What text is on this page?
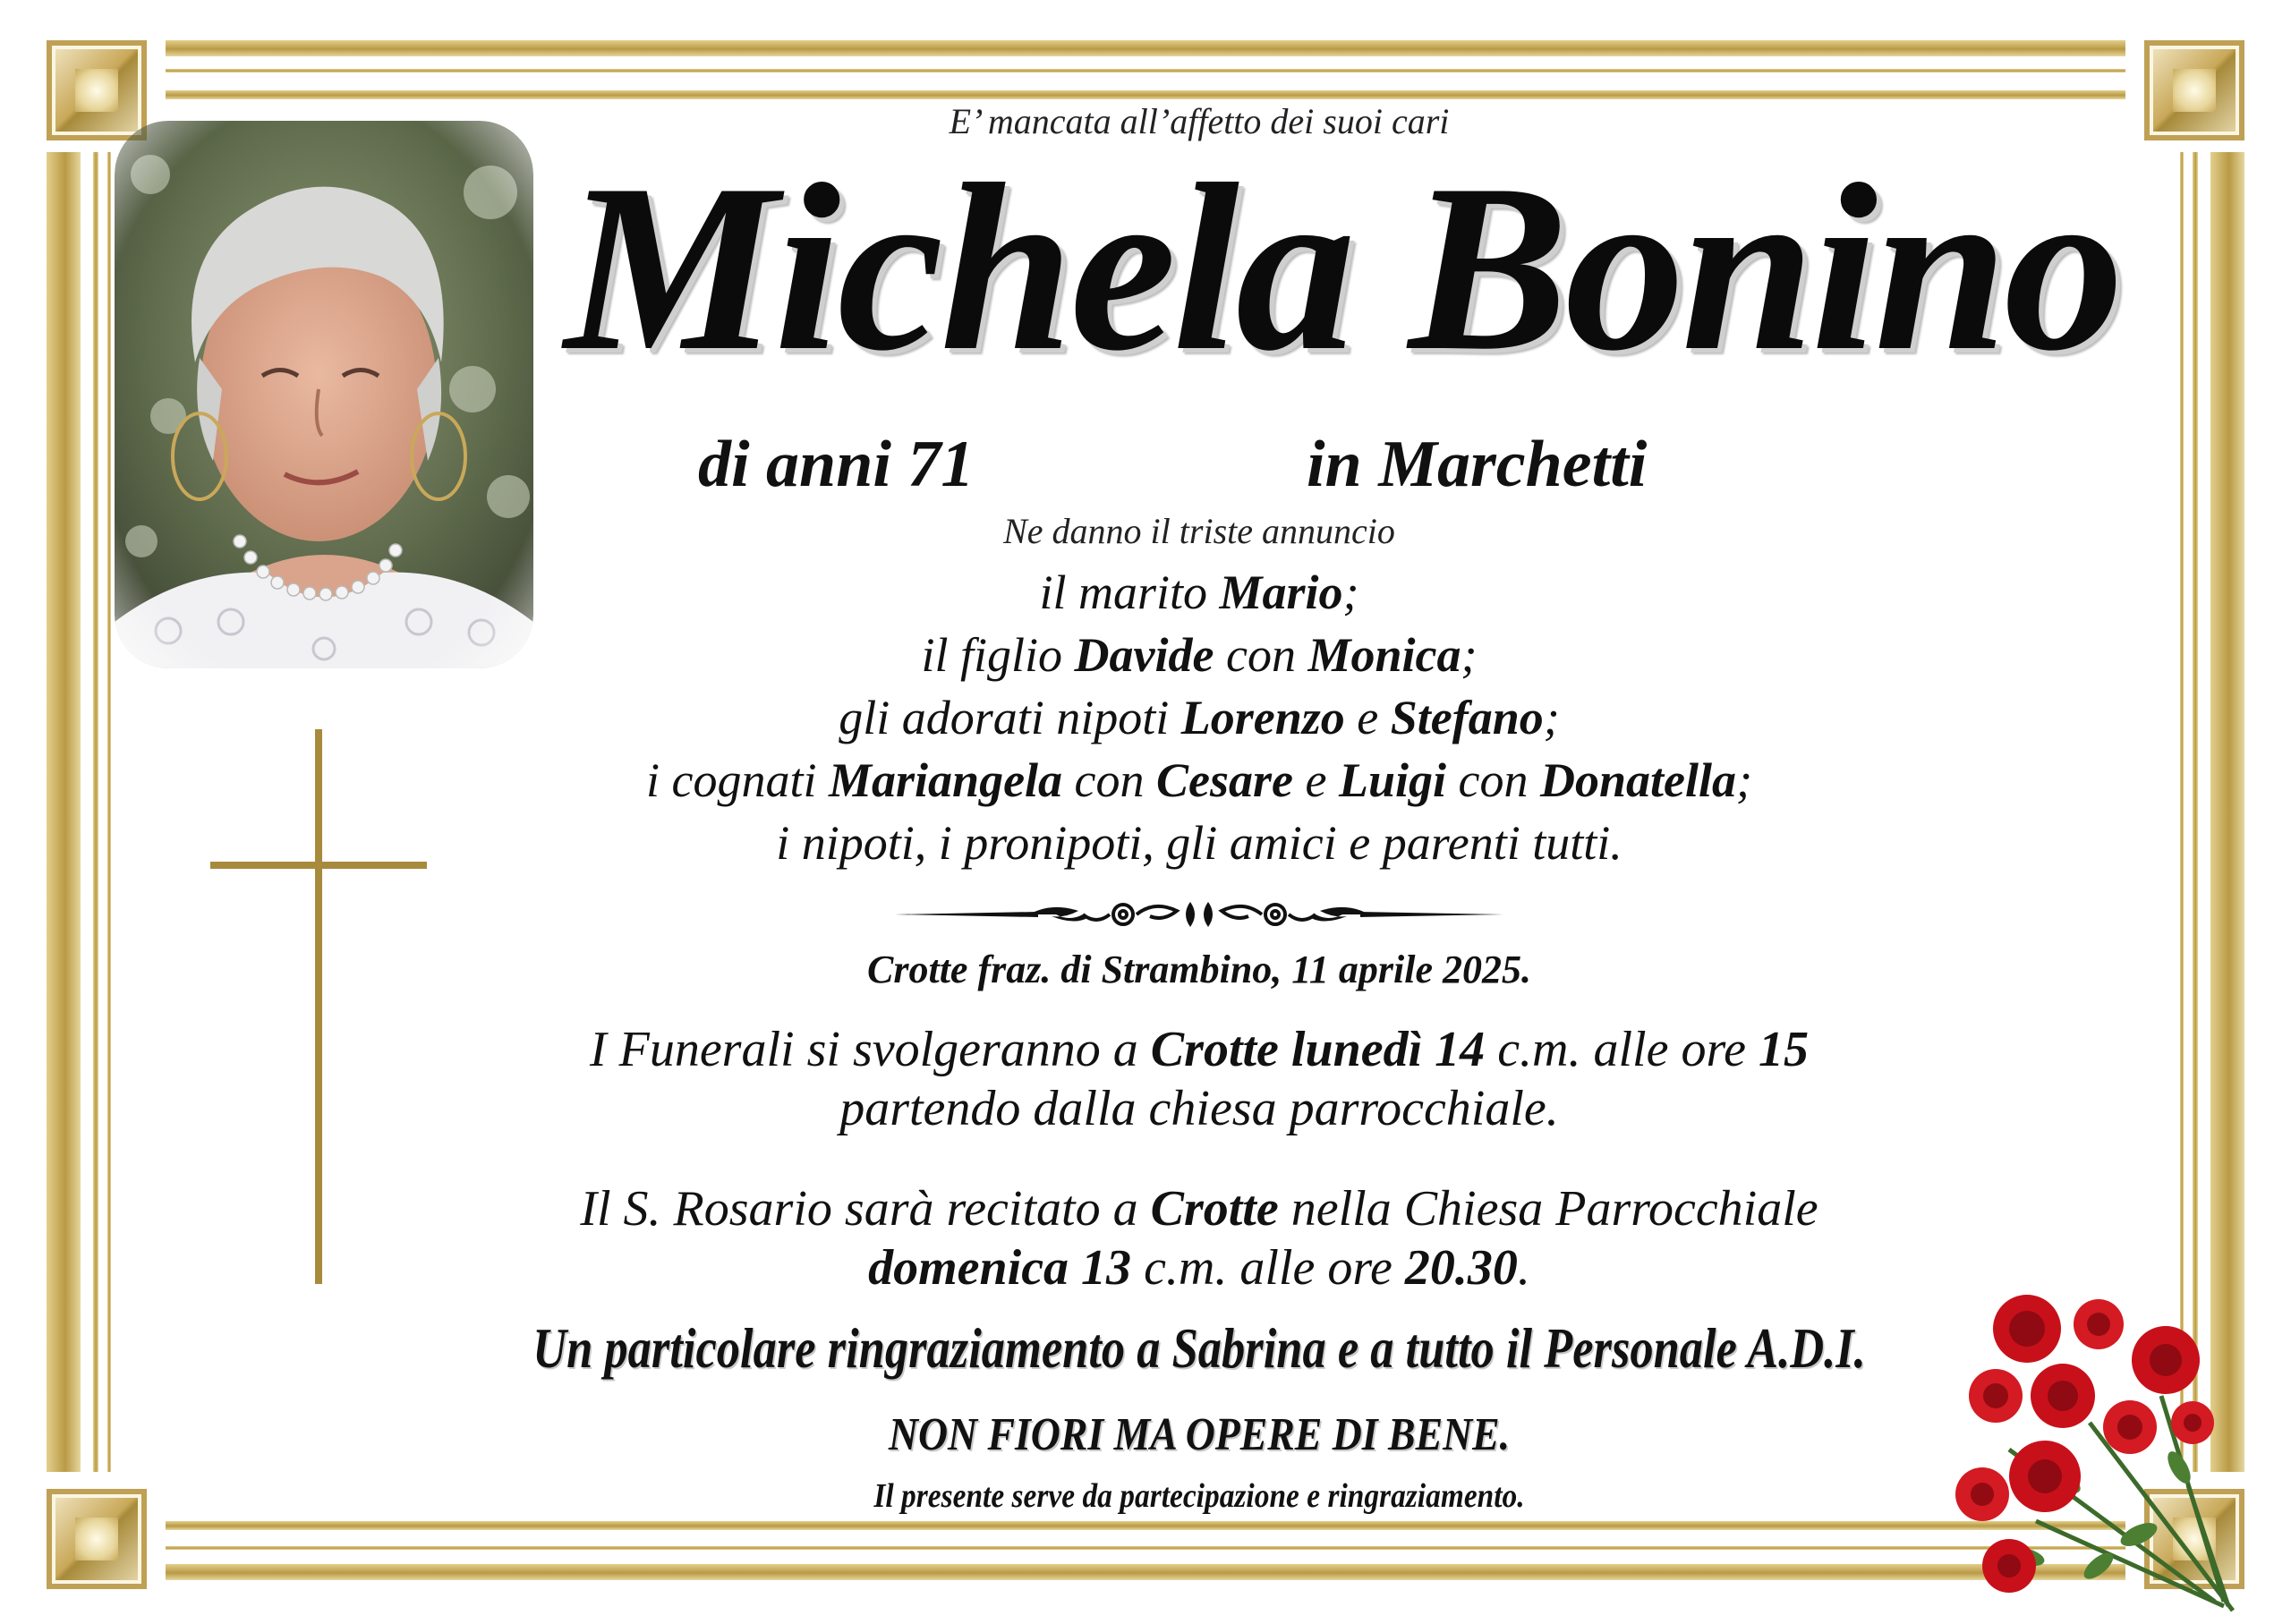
E’ mancata all’affetto dei suoi cari
Michela Bonino
di anni 71	in Marchetti
Ne danno il triste annuncio
il marito Mario;
il figlio Davide con Monica;
gli adorati nipoti Lorenzo e Stefano;
i cognati Mariangela con Cesare e Luigi con Donatella;
i nipoti, i pronipoti, gli amici e parenti tutti.
Crotte fraz. di Strambino, 11 aprile 2025.
I Funerali si svolgeranno a Crotte lunedì 14 c.m. alle ore 15
partendo dalla chiesa parrocchiale.
Il S. Rosario sarà recitato a Crotte nella Chiesa Parrocchiale
domenica 13 c.m. alle ore 20.30.
Un particolare ringraziamento a Sabrina e a tutto il Personale A.D.I.
NON FIORI MA OPERE DI BENE.
Il presente serve da partecipazione e ringraziamento.
